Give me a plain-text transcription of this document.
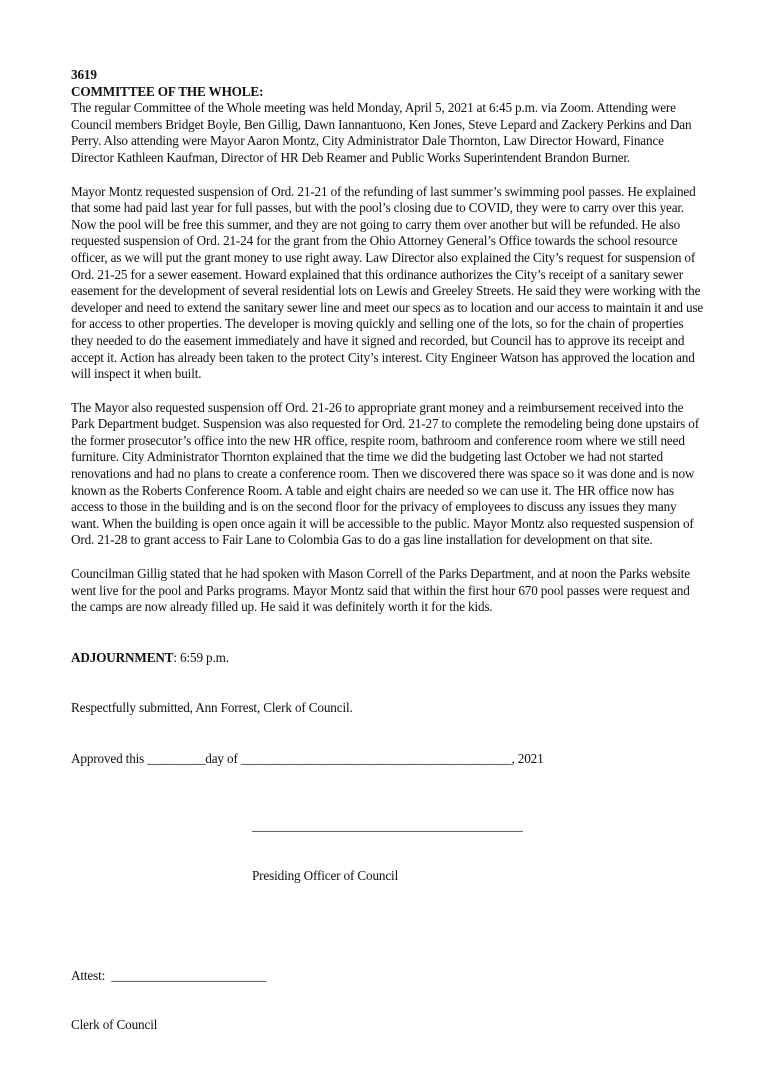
3619

COMMITTEE OF THE WHOLE:

The regular Committee of the Whole meeting was held Monday, April 5, 2021 at 6:45 p.m. via Zoom. Attending were Council members Bridget Boyle, Ben Gillig, Dawn Iannantuono, Ken Jones, Steve Lepard and Zackery Perkins and Dan Perry. Also attending were Mayor Aaron Montz, City Administrator Dale Thornton, Law Director Howard, Finance Director Kathleen Kaufman, Director of HR Deb Reamer and Public Works Superintendent Brandon Burner.

Mayor Montz requested suspension of Ord. 21-21 of the refunding of last summer’s swimming pool passes. He explained that some had paid last year for full passes, but with the pool’s closing due to COVID, they were to carry over this year. Now the pool will be free this summer, and they are not going to carry them over another but will be refunded. He also requested suspension of Ord. 21-24 for the grant from the Ohio Attorney General’s Office towards the school resource officer, as we will put the grant money to use right away. Law Director also explained the City’s request for suspension of Ord. 21-25 for a sewer easement. Howard explained that this ordinance authorizes the City’s receipt of a sanitary sewer easement for the development of several residential lots on Lewis and Greeley Streets. He said they were working with the developer and need to extend the sanitary sewer line and meet our specs as to location and our access to maintain it and use for access to other properties. The developer is moving quickly and selling one of the lots, so for the chain of properties they needed to do the easement immediately and have it signed and recorded, but Council has to approve its receipt and accept it. Action has already been taken to the protect City’s interest. City Engineer Watson has approved the location and will inspect it when built.

The Mayor also requested suspension off Ord. 21-26 to appropriate grant money and a reimbursement received into the Park Department budget. Suspension was also requested for Ord. 21-27 to complete the remodeling being done upstairs of the former prosecutor’s office into the new HR office, respite room, bathroom and conference room where we still need furniture. City Administrator Thornton explained that the time we did the budgeting last October we had not started renovations and had no plans to create a conference room. Then we discovered there was space so it was done and is now known as the Roberts Conference Room. A table and eight chairs are needed so we can use it. The HR office now has access to those in the building and is on the second floor for the privacy of employees to discuss any issues they many want. When the building is open once again it will be accessible to the public. Mayor Montz also requested suspension of Ord. 21-28 to grant access to Fair Lane to Colombia Gas to do a gas line installation for development on that site.

Councilman Gillig stated that he had spoken with Mason Correll of the Parks Department, and at noon the Parks website went live for the pool and Parks programs. Mayor Montz said that within the first hour 670 pool passes were request and the camps are now already filled up. He said it was definitely worth it for the kids.

ADJOURNMENT: 6:59 p.m.

Respectfully submitted, Ann Forrest, Clerk of Council.

Approved this _________day of __________________________________________, 2021

__________________________________________

Presiding Officer of Council

Attest:  ________________________

Clerk of Council
